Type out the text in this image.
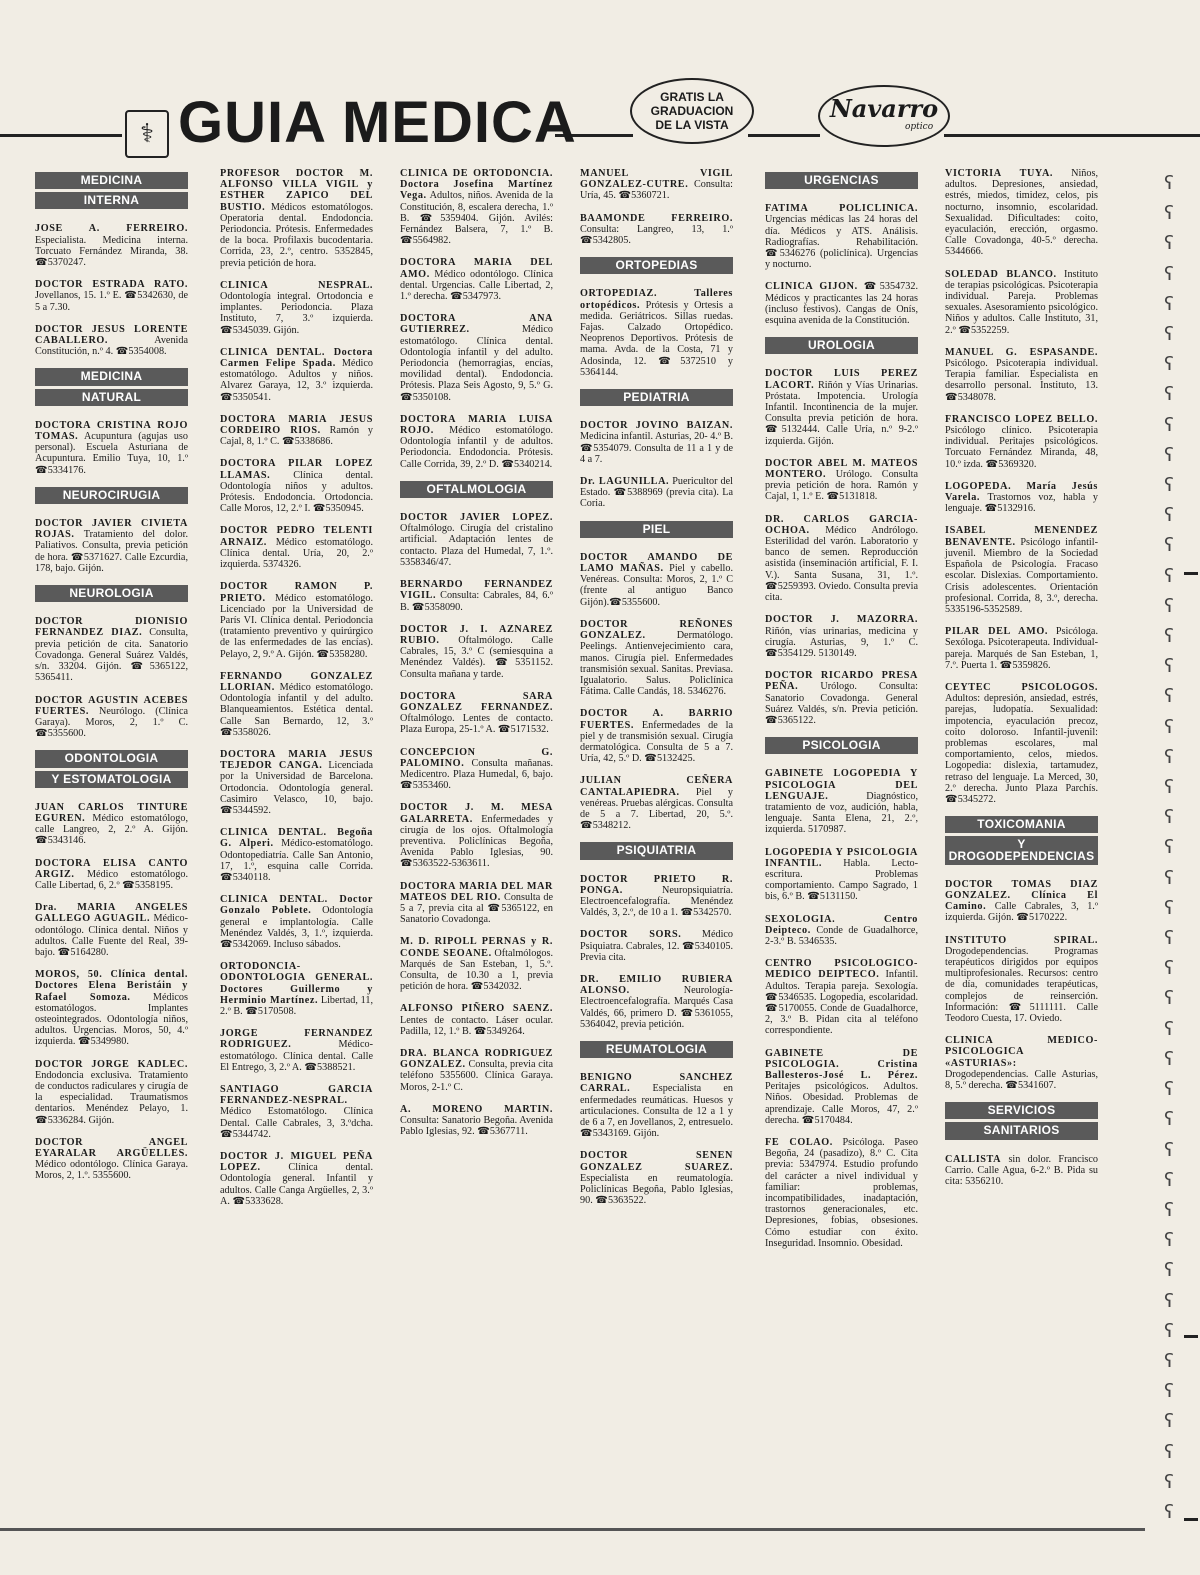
⚕ GUIA MEDICA	GRATIS LA
GRADUACION
DE LA VISTA
Navarro
optico
MEDICINA
INTERNA

JOSE A. FERREIRO. Especialista. Medicina interna. Torcuato Fernández Miranda, 38. ☎5370247.

DOCTOR ESTRADA RATO. Jovellanos, 15. 1.º E. ☎5342630, de 5 a 7.30.

DOCTOR JESUS LORENTE CABALLERO.	Avenida Constitución, n.º 4. ☎5354008.

MEDICINA
NATURAL

DOCTORA CRISTINA ROJO TOMAS. Acupuntura (agujas uso personal). Escuela Asturiana de Acupuntura. Emilio Tuya, 10, 1.º ☎5334176.

NEUROCIRUGIA

DOCTOR JAVIER CIVIETA ROJAS. Tratamiento del dolor. Paliativos. Consulta, previa petición de hora. ☎5371627. Calle Ezcurdia, 178, bajo. Gijón.

NEUROLOGIA

DOCTOR DIONISIO FERNANDEZ DIAZ. Consulta, previa petición de cita. Sanatorio Covadonga. General Suárez Valdés, s/n. 33204. Gijón. ☎5365122, 5365411.

DOCTOR AGUSTIN ACEBES FUERTES. Neurólogo. (Clínica Garaya). Moros, 2, 1.º C. ☎5355600.

ODONTOLOGIA
Y ESTOMATOLOGIA

JUAN CARLOS TINTURE EGUREN. Médico estomatólogo, calle Langreo, 2, 2.º A. Gijón. ☎5343146.

DOCTORA ELISA CANTO ARGIZ. Médico estomatólogo. Calle Libertad, 6, 2.º ☎5358195.

Dra. MARIA ANGELES GALLEGO AGUAGIL. Médico-odontólogo. Clínica dental. Niños y adultos. Calle Fuente del Real, 39-bajo. ☎5164280.

MOROS, 50. Clínica dental. Doctores Elena Beristáin y Rafael Somoza. Médicos estomatólogos. Implantes osteointegrados. Odontología niños, adultos. Urgencias. Moros, 50, 4.º izquierda. ☎5349980.

DOCTOR JORGE KADLEC. Endodoncia exclusiva. Tratamiento de conductos radiculares y cirugía de la especialidad. Traumatismos dentarios. Menéndez Pelayo, 1. ☎5336284. Gijón.

DOCTOR ANGEL EYARALAR ARGÜELLES. Médico odontólogo. Clínica Garaya. Moros, 2, 1.º. 5355600.

PROFESOR DOCTOR M. ALFONSO VILLA VIGIL y ESTHER ZAPICO DEL BUSTIO. Médicos estomatólogos. Operatoria dental. Endodoncia. Periodoncia. Prótesis. Enfermedades de la boca. Profilaxis bucodentaria. Corrida, 23, 2.º, centro. 5352845, previa petición de hora.

CLINICA NESPRAL. Odontología integral. Ortodoncia e implantes. Periodoncia. Plaza Instituto, 7, 3.º izquierda. ☎5345039. Gijón.

CLINICA DENTAL. Doctora Carmen Felipe Spada. Médico estomatólogo. Adultos y niños. Alvarez Garaya, 12, 3.º izquierda. ☎5350541.

DOCTORA MARIA JESUS CORDEIRO RIOS. Ramón y Cajal, 8, 1.º C. ☎5338686.

DOCTORA PILAR LOPEZ LLAMAS. Clínica dental. Odontología niños y adultos. Prótesis. Endodoncia. Ortodoncia. Calle Moros, 12, 2.º I. ☎5350945.

DOCTOR PEDRO TELENTI ARNAIZ. Médico estomatólogo. Clínica dental. Uría, 20, 2.º izquierda. 5374326.

DOCTOR RAMON P. PRIETO. Médico estomatólogo. Licenciado por la Universidad de París VI. Clínica dental. Periodoncia (tratamiento preventivo y quirúrgico de las enfermedades de las encías). Pelayo, 2, 9.º A. Gijón. ☎5358280.

FERNANDO GONZALEZ LLORIAN. Médico estomatólogo. Odontología infantil y del adulto. Blanqueamientos. Estética dental. Calle San Bernardo, 12, 3.º ☎5358026.

DOCTORA MARIA JESUS TEJEDOR CANGA. Licenciada por la Universidad de Barcelona. Ortodoncia. Odontología general. Casimiro Velasco, 10, bajo. ☎5344592.

CLINICA DENTAL. Begoña G. Alperi. Médico-estomatólogo. Odontopediatría. Calle San Antonio, 17, 1.º, esquina calle Corrida. ☎5340118.

CLINICA DENTAL. Doctor Gonzalo Poblete. Odontología general e implantología. Calle Menéndez Valdés, 3, 1.º, izquierda. ☎5342069. Incluso sábados.

ORTODONCIA-ODONTOLOGIA GENERAL. Doctores Guillermo y Herminio Martínez. Libertad, 11, 2.º B. ☎5170508.

JORGE FERNANDEZ RODRIGUEZ.	Médico-estomatólogo. Clínica dental. Calle El Entrego, 3, 2.º A. ☎5388521.

SANTIAGO GARCIA FERNANDEZ-NESPRAL. Médico Estomatólogo. Clínica Dental. Calle Cabrales, 3, 3.ºdcha. ☎5344742.

DOCTOR J. MIGUEL PEÑA LOPEZ.	Clínica dental. Odontología general. Infantil y adultos. Calle Canga Argüelles, 2, 3.º A. ☎5333628.

CLINICA DE ORTODONCIA. Doctora Josefina Martínez Vega. Adultos, niños. Avenida de la Constitución, 8, escalera derecha, 1.º B. ☎5359404. Gijón. Avilés: Fernández Balsera, 7, 1.º B. ☎5564982.

DOCTORA MARIA DEL AMO. Médico odontólogo. Clínica dental. Urgencias. Calle Libertad, 2, 1.º derecha. ☎5347973.

DOCTORA ANA GUTIERREZ.	Médico estomatólogo. Clínica dental. Odontología infantil y del adulto. Periodoncia (hemorragias, encías, movilidad dental). Endodoncia. Prótesis. Plaza Seis Agosto, 9, 5.º G. ☎5350108.

DOCTORA MARIA LUISA ROJO. Médico estomatólogo. Odontología infantil y de adultos. Periodoncia. Endodoncia. Prótesis. Calle Corrida, 39, 2.º D. ☎5340214.

OFTALMOLOGIA

DOCTOR JAVIER LOPEZ. Oftalmólogo. Cirugía del cristalino artificial. Adaptación lentes de contacto. Plaza del Humedal, 7, 1.º. 5358346/47.

BERNARDO FERNANDEZ VIGIL. Consulta: Cabrales, 84, 6.º B. ☎5358090.

DOCTOR J. I. AZNAREZ RUBIO. Oftalmólogo. Calle Cabrales, 15, 3.º C (semiesquina a Menéndez Valdés). ☎5351152. Consulta mañana y tarde.

DOCTORA SARA GONZALEZ FERNANDEZ. Oftalmólogo. Lentes de contacto. Plaza Europa, 25-1.º A. ☎5171532.

CONCEPCION G. PALOMINO. Consulta mañanas. Medicentro. Plaza Humedal, 6, bajo. ☎5353460.

DOCTOR J. M. MESA GALARRETA. Enfermedades y cirugía de los ojos. Oftalmología preventiva. Policlínicas Begoña, Avenida Pablo Iglesias, 90. ☎5363522-5363611.

DOCTORA MARIA DEL MAR MATEOS DEL RIO. Consulta de 5 a 7, previa cita al ☎5365122, en Sanatorio Covadonga.

M. D. RIPOLL PERNAS y R. CONDE SEOANE. Oftalmólogos. Marqués de San Esteban, 1, 5.º. Consulta, de 10.30 a 1, previa petición de hora. ☎5342032.

ALFONSO PIÑERO SAENZ. Lentes de contacto. Láser ocular. Padilla, 12, 1.º B. ☎5349264.

DRA. BLANCA RODRIGUEZ GONZALEZ. Consulta, previa cita teléfono 5355600. Clínica Garaya. Moros, 2-1.º C.

A. MORENO MARTIN. Consulta: Sanatorio Begoña. Avenida Pablo Iglesias, 92. ☎5367711.

MANUEL VIGIL GONZALEZ-CUTRE. Consulta: Uría, 45. ☎5360721.

BAAMONDE FERREIRO. Consulta: Langreo, 13, 1.º ☎5342805.

ORTOPEDIAS

ORTOPEDIAZ. Talleres ortopédicos. Prótesis y Ortesis a medida. Geriátricos. Sillas ruedas. Fajas. Calzado Ortopédico. Neoprenos Deportivos. Prótesis de mama. Avda. de la Costa, 71 y Adosinda, 12. ☎5372510 y 5364144.

PEDIATRIA

DOCTOR JOVINO BAIZAN. Medicina infantil. Asturias, 20- 4.º B. ☎5354079. Consulta de 11 a 1 y de 4 a 7.

Dr. LAGUNILLA. Puericultor del Estado. ☎5388969 (previa cita). La Coria.

PIEL

DOCTOR AMANDO DE LAMO MAÑAS. Piel y cabello. Venéreas. Consulta: Moros, 2, 1.º C (frente al antiguo Banco Gijón).☎5355600.

DOCTOR REÑONES GONZALEZ.	Dermatólogo. Peelings. Antienvejecimiento cara, manos. Cirugía piel. Enfermedades transmisión sexual. Sanitas. Previasa. Igualatorio. Salus. Policlínica Fátima. Calle Candás, 18. 5346276.

DOCTOR A. BARRIO FUERTES. Enfermedades de la piel y de transmisión sexual. Cirugía dermatológica. Consulta de 5 a 7. Uría, 42, 5.º D. ☎5132425.

JULIAN CEÑERA CANTALAPIEDRA. Piel y venéreas. Pruebas alérgicas. Consulta de 5 a 7. Libertad, 20, 5.º. ☎5348212.

PSIQUIATRIA

DOCTOR PRIETO R. PONGA.	Neuropsiquiatría. Electroencefalografía. Menéndez Valdés, 3, 2.º, de 10 a 1. ☎5342570.

DOCTOR SORS. Médico Psiquiatra. Cabrales, 12. ☎5340105. Previa cita.

DR. EMILIO RUBIERA ALONSO.	Neurología-Electroencefalografía. Marqués Casa Valdés, 66, primero D. ☎5361055, 5364042, previa petición.

REUMATOLOGIA

BENIGNO SANCHEZ CARRAL. Especialista en enfermedades reumáticas. Huesos y articulaciones. Consulta de 12 a 1 y de 6 a 7, en Jovellanos, 2, entresuelo. ☎5343169. Gijón.

DOCTOR SENEN GONZALEZ SUAREZ. Especialista en reumatología. Policlínicas Begoña, Pablo Iglesias, 90. ☎5363522.

URGENCIAS

FATIMA POLICLINICA. Urgencias médicas las 24 horas del día. Médicos y ATS. Análisis. Radiografías. Rehabilitación. ☎5346276 (policlínica). Urgencias y nocturno.

CLINICA GIJON. ☎5354732. Médicos y practicantes las 24 horas (incluso festivos). Cangas de Onís, esquina avenida de la Constitución.

UROLOGIA

DOCTOR LUIS PEREZ LACORT. Riñón y Vías Urinarias. Próstata. Impotencia. Urología Infantil. Incontinencia de la mujer. Consulta previa petición de hora. ☎5132444. Calle Uría, n.º 9-2.º izquierda. Gijón.

DOCTOR ABEL M. MATEOS MONTERO. Urólogo. Consulta previa petición de hora. Ramón y Cajal, 1, 1.º E. ☎5131818.

DR. CARLOS GARCIA-OCHOA. Médico Andrólogo. Esterilidad del varón. Laboratorio y banco de semen. Reproducción asistida (inseminación artificial, F. I. V.). Santa Susana, 31, 1.º. ☎5259393. Oviedo. Consulta previa cita.

DOCTOR J. MAZORRA. Riñón, vías urinarias, medicina y cirugía. Asturias, 9, 1.º C. ☎5354129. 5130149.

DOCTOR RICARDO PRESA PEÑA. Urólogo. Consulta: Sanatorio Covadonga. General Suárez Valdés, s/n. Previa petición. ☎5365122.

PSICOLOGIA

GABINETE LOGOPEDIA Y PSICOLOGIA DEL LENGUAJE.	Diagnóstico, tratamiento de voz, audición, habla, lenguaje. Santa Elena, 21, 2.º, izquierda. 5170987.

LOGOPEDIA Y PSICOLOGIA INFANTIL. Habla. Lecto-escritura. Problemas comportamiento. Campo Sagrado, 1 bis, 6.º B. ☎5131150.

SEXOLOGIA. Centro Deipteco. Conde de Guadalhorce, 2-3.º B. 5346535.

CENTRO PSICOLOGICO-MEDICO DEIPTECO. Infantil. Adultos. Terapia pareja. Sexología. ☎5346535. Logopedia, escolaridad. ☎5170055. Conde de Guadalhorce, 2, 3.º B. Pidan cita al teléfono correspondiente.

GABINETE DE PSICOLOGIA. Cristina Ballesteros-José L. Pérez. Peritajes psicológicos. Adultos. Niños. Obesidad. Problemas de aprendizaje. Calle Moros, 47, 2.º derecha. ☎5170484.

FE COLAO. Psicóloga. Paseo Begoña, 24 (pasadizo), 8.º C. Cita previa: 5347974. Estudio profundo del carácter a nivel individual y familiar: problemas, incompatibilidades, inadaptación, trastornos generacionales, etc. Depresiones, fobias, obsesiones. Cómo estudiar con éxito. Inseguridad. Insomnio. Obesidad.

VICTORIA TUYA. Niños, adultos. Depresiones, ansiedad, estrés, miedos, timidez, celos, pis nocturno, insomnio, escolaridad. Sexualidad. Dificultades: coito, eyaculación, erección, orgasmo. Calle Covadonga, 40-5.º derecha. 5344666.

SOLEDAD BLANCO. Instituto de terapias psicológicas. Psicoterapia individual. Pareja. Problemas sexuales. Asesoramiento psicológico. Niños y adultos. Calle Instituto, 31, 2.º ☎5352259.

MANUEL G. ESPASANDE. Psicólogo. Psicoterapia individual. Terapia familiar. Especialista en desarrollo personal. Instituto, 13. ☎5348078.

FRANCISCO LOPEZ BELLO. Psicólogo clínico. Psicoterapia individual. Peritajes psicológicos. Torcuato Fernández Miranda, 48, 10.º izda. ☎5369320.

LOGOPEDA. María Jesús Varela. Trastornos voz, habla y lenguaje. ☎5132916.

ISABEL MENENDEZ BENAVENTE. Psicólogo infantil-juvenil. Miembro de la Sociedad Española de Psicología. Fracaso escolar. Dislexias. Comportamiento. Crisis adolescentes. Orientación profesional. Corrida, 8, 3.º, derecha. 5335196-5352589.

PILAR DEL AMO. Psicóloga. Sexóloga. Psicoterapeuta. Individual-pareja. Marqués de San Esteban, 1, 7.º. Puerta 1. ☎5359826.

CEYTEC PSICOLOGOS. Adultos: depresión, ansiedad, estrés, parejas, ludopatía. Sexualidad: impotencia, eyaculación precoz, coito doloroso. Infantil-juvenil: problemas escolares, mal comportamiento, celos, miedos. Logopedia: dislexia, tartamudez, retraso del lenguaje. La Merced, 30, 2.º derecha. Junto Plaza Parchís. ☎5345272.

TOXICOMANIA
Y DROGODEPENDENCIAS

DOCTOR TOMAS DIAZ GONZALEZ. Clínica El Camino. Calle Cabrales, 3, 1.º izquierda. Gijón. ☎5170222.

INSTITUTO SPIRAL. Drogodependencias. Programas terapéuticos dirigidos por equipos multiprofesionales. Recursos: centro de día, comunidades terapéuticas, complejos de reinserción. Información: ☎5111111. Calle Teodoro Cuesta, 17. Oviedo.

CLINICA MEDICO-PSICOLOGICA «ASTURIAS»: Drogodependencias. Calle Asturias, 8, 5.º derecha. ☎5341607.

SERVICIOS
SANITARIOS

CALLISTA sin dolor. Francisco Carrio. Calle Agua, 6-2.º B. Pida su cita: 5356210.

ʕ
ʕ
ʕ
ʕ
ʕ
ʕ
ʕ
ʕ
ʕ
ʕ
ʕ
ʕ
ʕ
ʕ
ʕ
ʕ
ʕ
ʕ
ʕ
ʕ
ʕ
ʕ
ʕ
ʕ
ʕ
ʕ
ʕ
ʕ
ʕ
ʕ
ʕ
ʕ
ʕ
ʕ
ʕ
ʕ
ʕ
ʕ
ʕ
ʕ
ʕ
ʕ
ʕ
ʕ
ʕ
